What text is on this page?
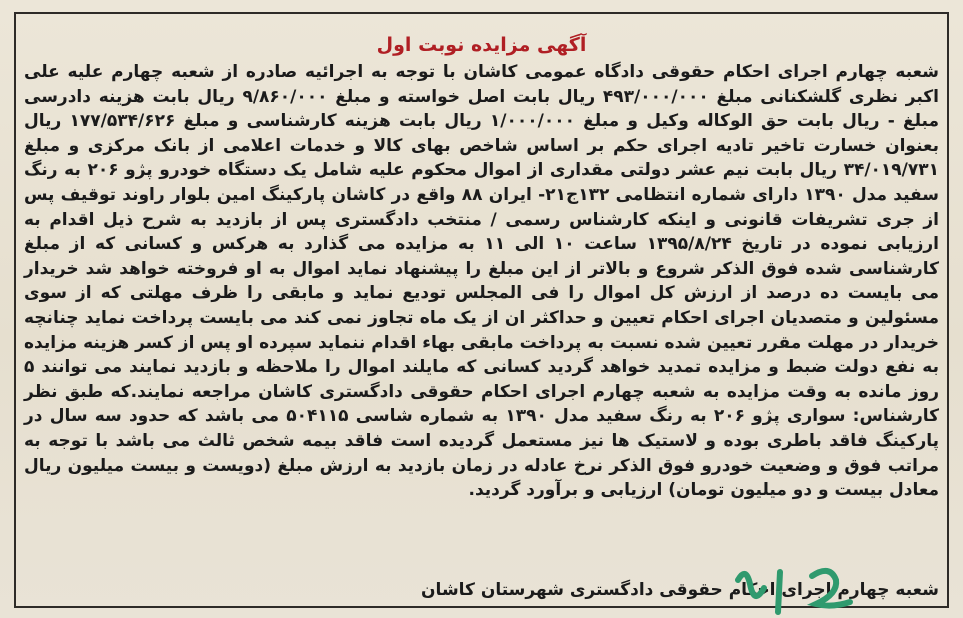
آگهی مزایده نوبت اول
شعبه چهارم اجرای احکام حقوقی دادگاه عمومی کاشان با توجه به اجرائیه صادره از شعبه چهارم علیه علی اکبر نظری گلشکنانی مبلغ ۴۹۳/۰۰۰/۰۰۰ ریال بابت اصل خواسته و مبلغ ۹/۸۶۰/۰۰۰ ریال بابت هزینه دادرسی مبلغ - ریال بابت حق الوکاله وکیل و مبلغ ۱/۰۰۰/۰۰۰ ریال بابت هزینه کارشناسی و مبلغ ۱۷۷/۵۳۴/۶۲۶ ریال بعنوان خسارت تاخیر تادیه اجرای حکم بر اساس شاخص بهای کالا و خدمات اعلامی از بانک مرکزی و مبلغ ۳۴/۰۱۹/۷۳۱ ریال بابت نیم عشر دولتی مقداری از اموال محکوم علیه شامل یک دستگاه خودرو پژو ۲۰۶ به رنگ سفید مدل ۱۳۹۰ دارای شماره انتظامی ۱۳۲ج۲۱- ایران ۸۸ واقع در کاشان پارکینگ امین بلوار راوند توقیف پس از جری تشریفات قانونی و اینکه کارشناس رسمی / منتخب دادگستری پس از بازدید به شرح ذیل اقدام به ارزیابی نموده در تاریخ ۱۳۹۵/۸/۲۴ ساعت ۱۰ الی ۱۱ به مزایده می گذارد به هرکس و کسانی که از مبلغ کارشناسی شده فوق الذکر شروع و بالاتر از این مبلغ را پیشنهاد نماید اموال به او فروخته خواهد شد خریدار می بایست ده درصد از ارزش کل اموال را فی المجلس تودیع نماید و مابقی را ظرف مهلتی که از سوی مسئولین و متصدیان اجرای احکام تعیین و حداکثر ان از یک ماه تجاوز نمی کند می بایست پرداخت نماید چنانچه خریدار در مهلت مقرر تعیین شده نسبت به پرداخت مابقی بهاء اقدام ننماید سپرده او پس از کسر هزینه مزایده به نفع دولت ضبط و مزایده تمدید خواهد گردید کسانی که مایلند اموال را ملاحظه و بازدید نمایند می توانند ۵ روز مانده به وقت مزایده به شعبه چهارم اجرای احکام حقوقی دادگستری کاشان مراجعه نمایند.که طبق نظر کارشناس: سواری پژو ۲۰۶ به رنگ سفید مدل ۱۳۹۰ به شماره شاسی ۵۰۴۱۱۵ می باشد که حدود سه سال در پارکینگ فاقد باطری بوده و لاستیک ها نیز مستعمل گردیده است فاقد بیمه شخص ثالث می باشد با توجه به مراتب فوق و وضعیت خودرو فوق الذکر نرخ عادله در زمان بازدید به ارزش مبلغ (دویست و بیست میلیون ریال معادل بیست و دو میلیون تومان) ارزیابی و برآورد گردید.
شعبه چهارم اجرای احکام حقوقی دادگستری شهرستان کاشان
